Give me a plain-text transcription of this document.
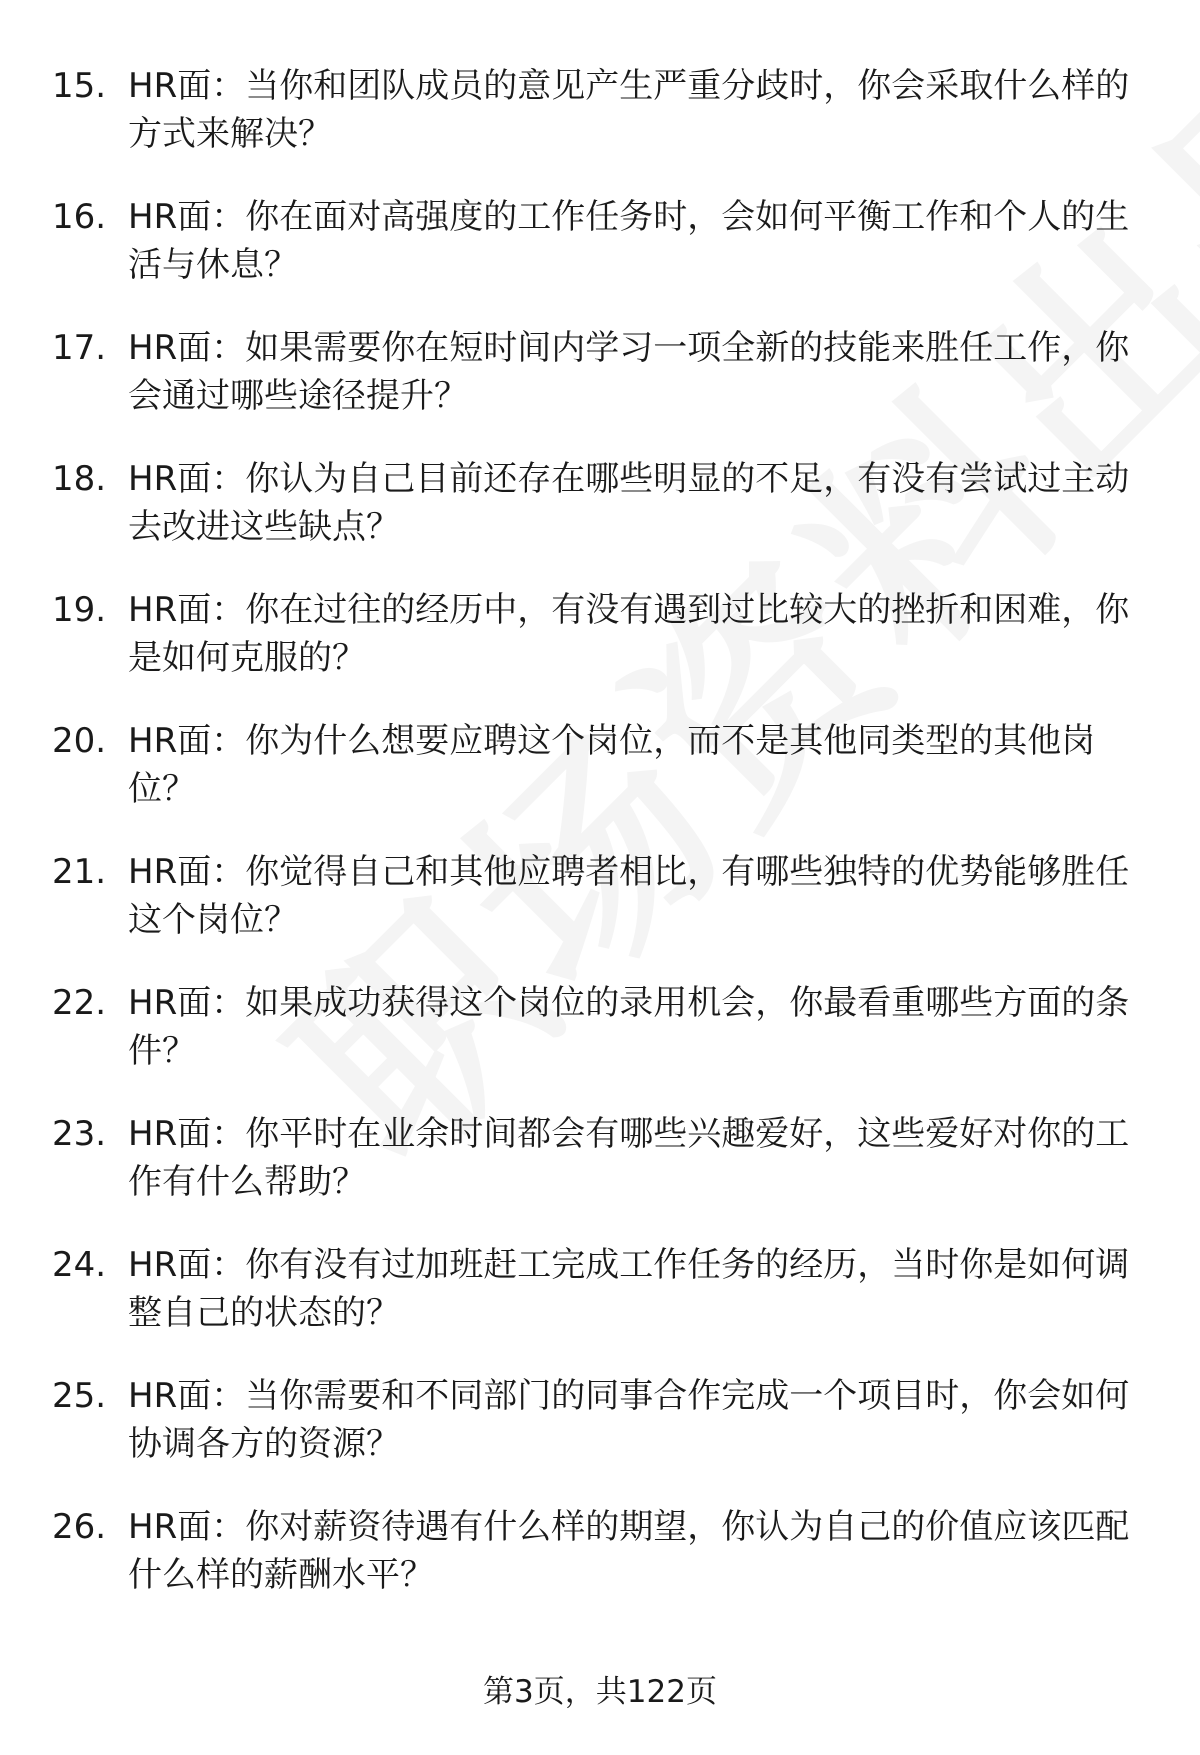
15. HR面：当你和团队成员的意见产生严重分歧时，你会采取什么样的方式来解决？
16. HR面：你在面对高强度的工作任务时，会如何平衡工作和个人的生活与休息？
17. HR面：如果需要你在短时间内学习一项全新的技能来胜任工作，你会通过哪些途径提升？
18. HR面：你认为自己目前还存在哪些明显的不足，有没有尝试过主动去改进这些缺点？
19. HR面：你在过往的经历中，有没有遇到过比较大的挫折和困难，你是如何克服的？
20. HR面：你为什么想要应聘这个岗位，而不是其他同类型的其他岗位？
21. HR面：你觉得自己和其他应聘者相比，有哪些独特的优势能够胜任这个岗位？
22. HR面：如果成功获得这个岗位的录用机会，你最看重哪些方面的条件？
23. HR面：你平时在业余时间都会有哪些兴趣爱好，这些爱好对你的工作有什么帮助？
24. HR面：你有没有过加班赶工完成工作任务的经历，当时你是如何调整自己的状态的？
25. HR面：当你需要和不同部门的同事合作完成一个项目时，你会如何协调各方的资源？
26. HR面：你对薪资待遇有什么样的期望，你认为自己的价值应该匹配什么样的薪酬水平？
第3页，共122页
